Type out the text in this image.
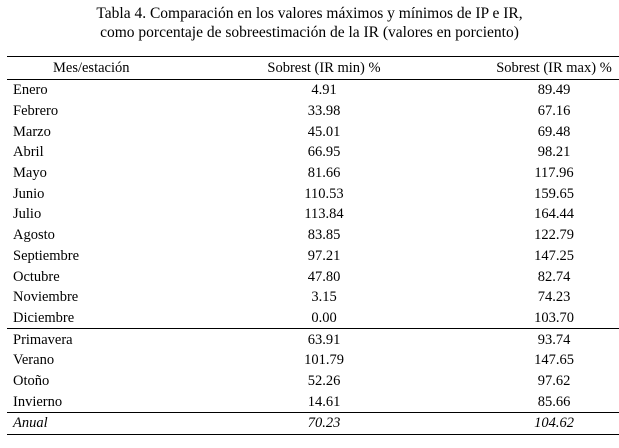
Tabla 4. Comparación en los valores máximos y mínimos de IP e IR,
como porcentaje de sobreestimación de la IR (valores en porciento)
Mes/estación	Sobrest (IR min) %	Sobrest (IR max) %
Enero	4.91	89.49
Febrero	33.98	67.16
Marzo	45.01	69.48
Abril	66.95	98.21
Mayo	81.66	117.96
Junio	110.53	159.65
Julio	113.84	164.44
Agosto	83.85	122.79
Septiembre	97.21	147.25
Octubre	47.80	82.74
Noviembre	3.15	74.23
Diciembre	0.00	103.70
Primavera	63.91	93.74
Verano	101.79	147.65
Otoño	52.26	97.62
Invierno	14.61	85.66
Anual	70.23	104.62
